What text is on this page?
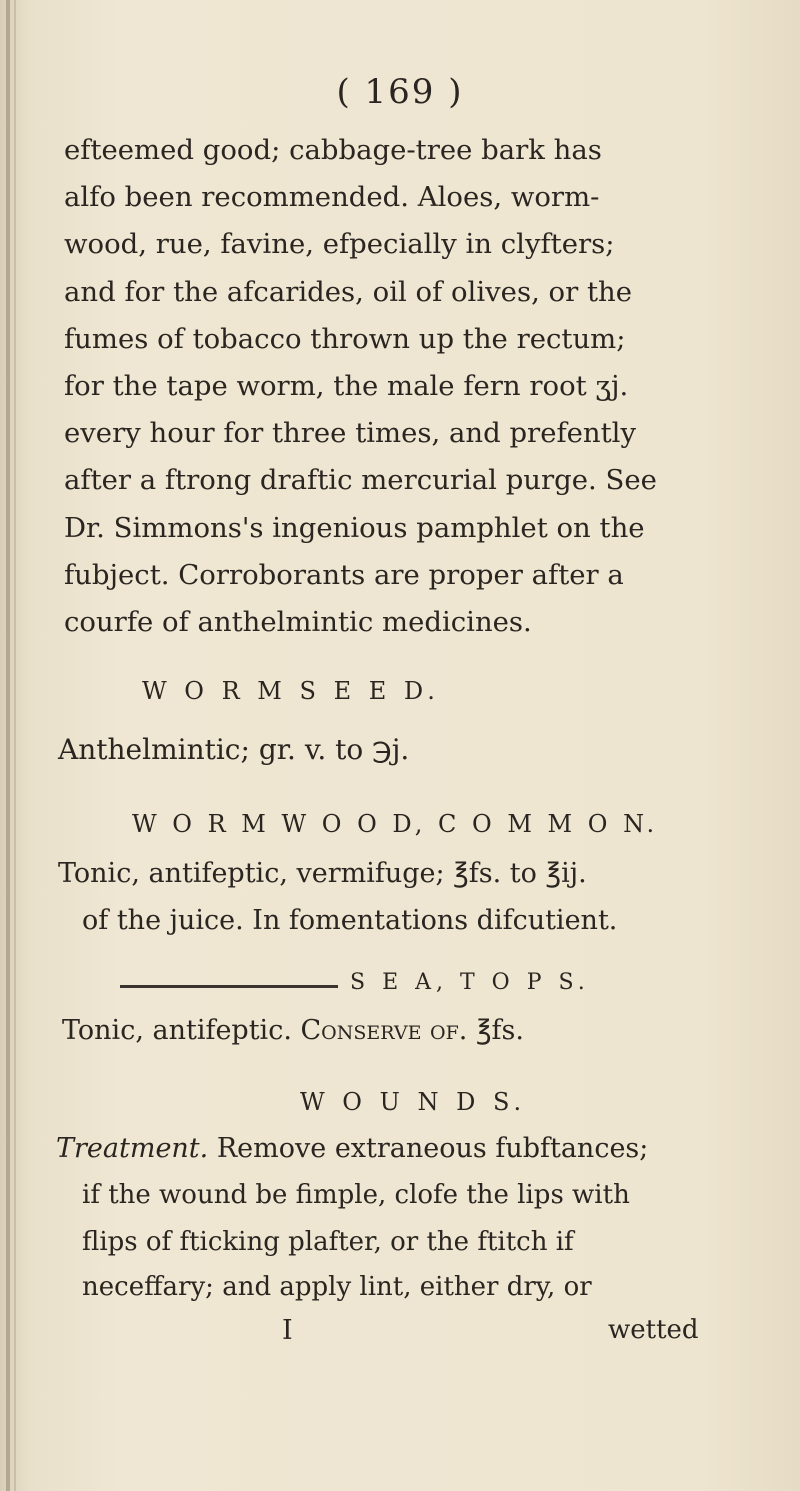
( 169 )
efteemed good; cabbage-tree bark has
alfo been recommended. Aloes, worm-
wood, rue, favine, efpecially in clyfters;
and for the afcarides, oil of olives, or the
fumes of tobacco thrown up the rectum;
for the tape worm, the male fern root ʒj.
every hour for three times, and prefently
after a ftrong draftic mercurial purge. See
Dr. Simmons's ingenious pamphlet on the
fubject. Corroborants are proper after a
courfe of anthelmintic medicines.
W O R M S E E D.
Anthelmintic; gr. v. to ℈j.
W O R M W O O D, C O M M O N.
Tonic, antifeptic, vermifuge; ℥fs. to ℥ij.
of the juice. In fomentations difcutient.
S E A, T O P S.
Tonic, antifeptic. Conserve of. ℥fs.
W O U N D S.
Treatment. Remove extraneous fubftances;
if the wound be fimple, clofe the lips with
flips of fticking plafter, or the ftitch if
neceffary; and apply lint, either dry, or
I	wetted
